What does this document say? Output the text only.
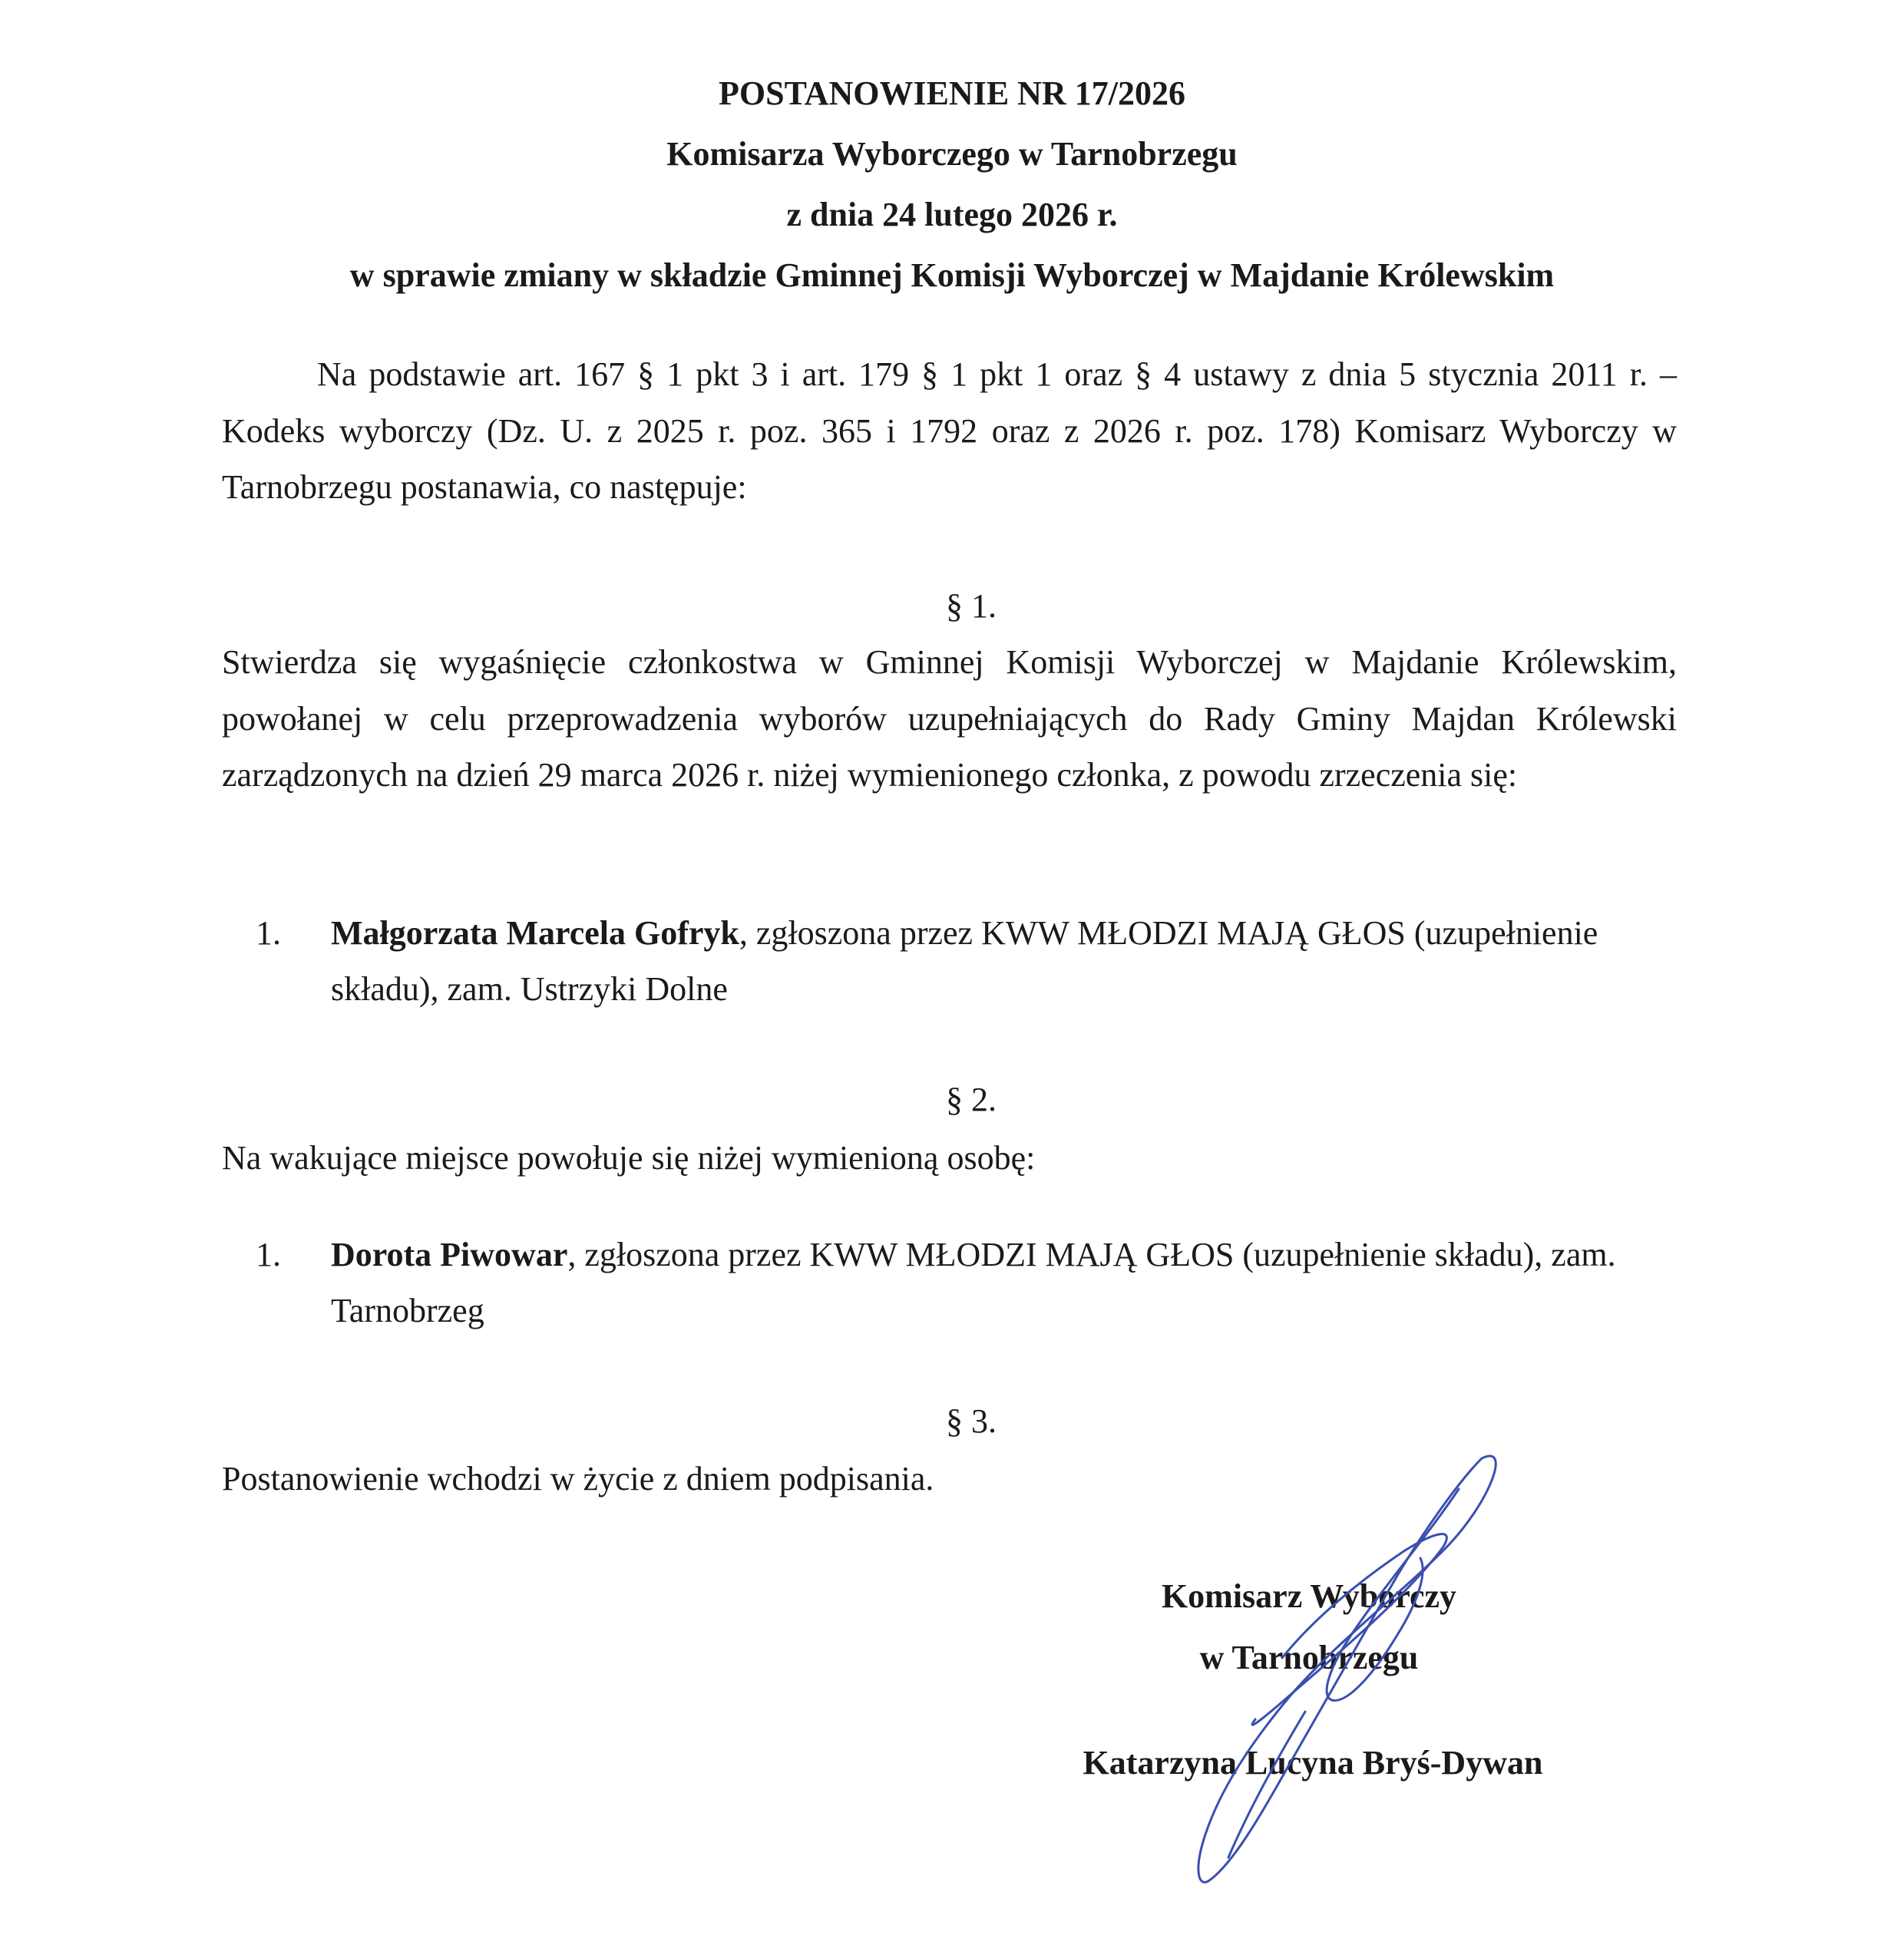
POSTANOWIENIE NR 17/2026
Komisarza Wyborczego w Tarnobrzegu
z dnia 24 lutego 2026 r.
w sprawie zmiany w składzie Gminnej Komisji Wyborczej w Majdanie Królewskim
Na podstawie art. 167 § 1 pkt 3 i art. 179 § 1 pkt 1 oraz § 4 ustawy z dnia 5 stycznia 2011 r. – Kodeks wyborczy (Dz. U. z 2025 r. poz. 365 i 1792 oraz z 2026 r. poz. 178) Komisarz Wyborczy w Tarnobrzegu postanawia, co następuje:
§ 1.
Stwierdza się wygaśnięcie członkostwa w Gminnej Komisji Wyborczej w Majdanie Królewskim, powołanej w celu przeprowadzenia wyborów uzupełniających do Rady Gminy Majdan Królewski zarządzonych na dzień 29 marca 2026 r. niżej wymienionego członka, z powodu zrzeczenia się:
1.	Małgorzata Marcela Gofryk, zgłoszona przez KWW MŁODZI MAJĄ GŁOS (uzupełnienie składu), zam. Ustrzyki Dolne
§ 2.
Na wakujące miejsce powołuje się niżej wymienioną osobę:
1.	Dorota Piwowar, zgłoszona przez KWW MŁODZI MAJĄ GŁOS (uzupełnienie składu), zam. Tarnobrzeg
§ 3.
Postanowienie wchodzi w życie z dniem podpisania.
Komisarz Wyborczy
w Tarnobrzegu
Katarzyna Lucyna Bryś-Dywan
